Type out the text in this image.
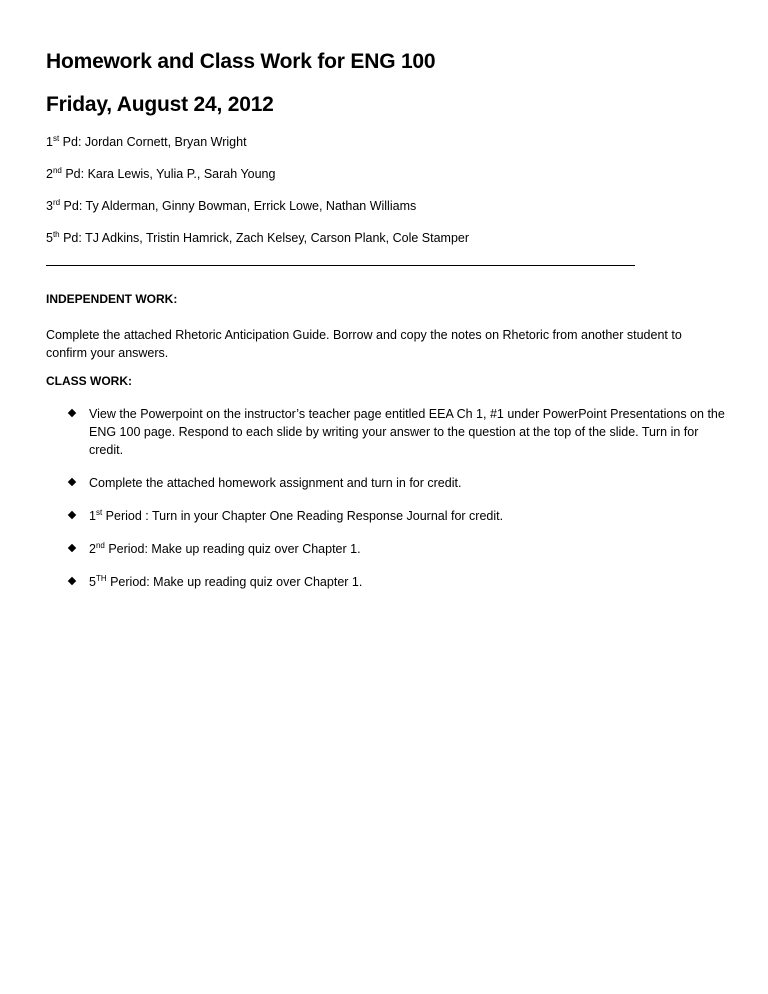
Homework and Class Work for ENG 100
Friday, August 24, 2012
1st Pd: Jordan Cornett, Bryan Wright
2nd Pd: Kara Lewis, Yulia P., Sarah Young
3rd Pd: Ty Alderman, Ginny Bowman, Errick Lowe, Nathan Williams
5th Pd: TJ Adkins, Tristin Hamrick, Zach Kelsey, Carson Plank, Cole Stamper
INDEPENDENT WORK:
Complete the attached Rhetoric Anticipation Guide. Borrow and copy the notes on Rhetoric from another student to confirm your answers.
CLASS WORK:
View the Powerpoint on the instructor’s teacher page entitled EEA Ch 1, #1 under PowerPoint Presentations on the ENG 100 page. Respond to each slide by writing your answer to the question at the top of the slide. Turn in for credit.
Complete the attached homework assignment and turn in for credit.
1st Period : Turn in your Chapter One Reading Response Journal for credit.
2nd Period: Make up reading quiz over Chapter 1.
5TH Period: Make up reading quiz over Chapter 1.
